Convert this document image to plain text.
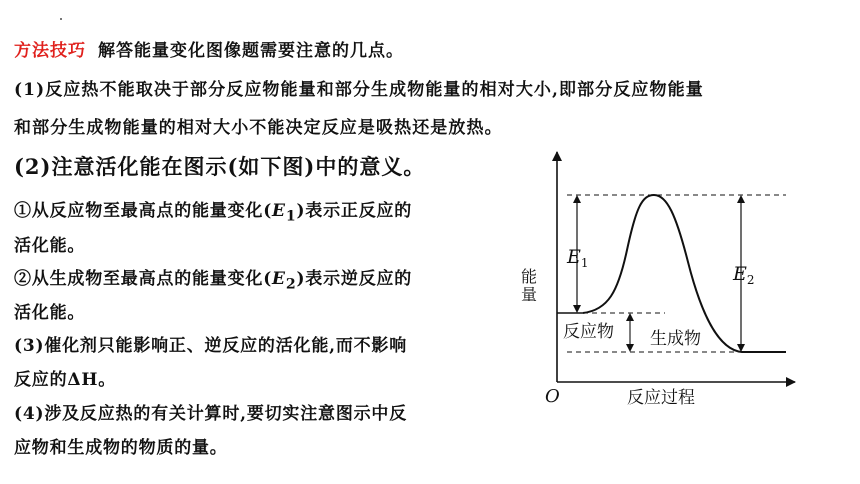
方法技巧 解答能量变化图像题需要注意的几点。
(1)反应热不能取决于部分反应物能量和部分生成物能量的相对大小,即部分反应物能量
和部分生成物能量的相对大小不能决定反应是吸热还是放热。
(2)注意活化能在图示(如下图)中的意义。
①从反应物至最高点的能量变化$(E_1)$表示正反应的
活化能。
②从生成物至最高点的能量变化$(E_2)$表示逆反应的
活化能。
(3)催化剂只能影响正、逆反应的活化能,而不影响
反应的ΔH。
(4)涉及反应热的有关计算时,要切实注意图示中反
应物和生成物的物质的量。
能量
反应过程
O
$E_1$	$E_2$
反应物 生成物
